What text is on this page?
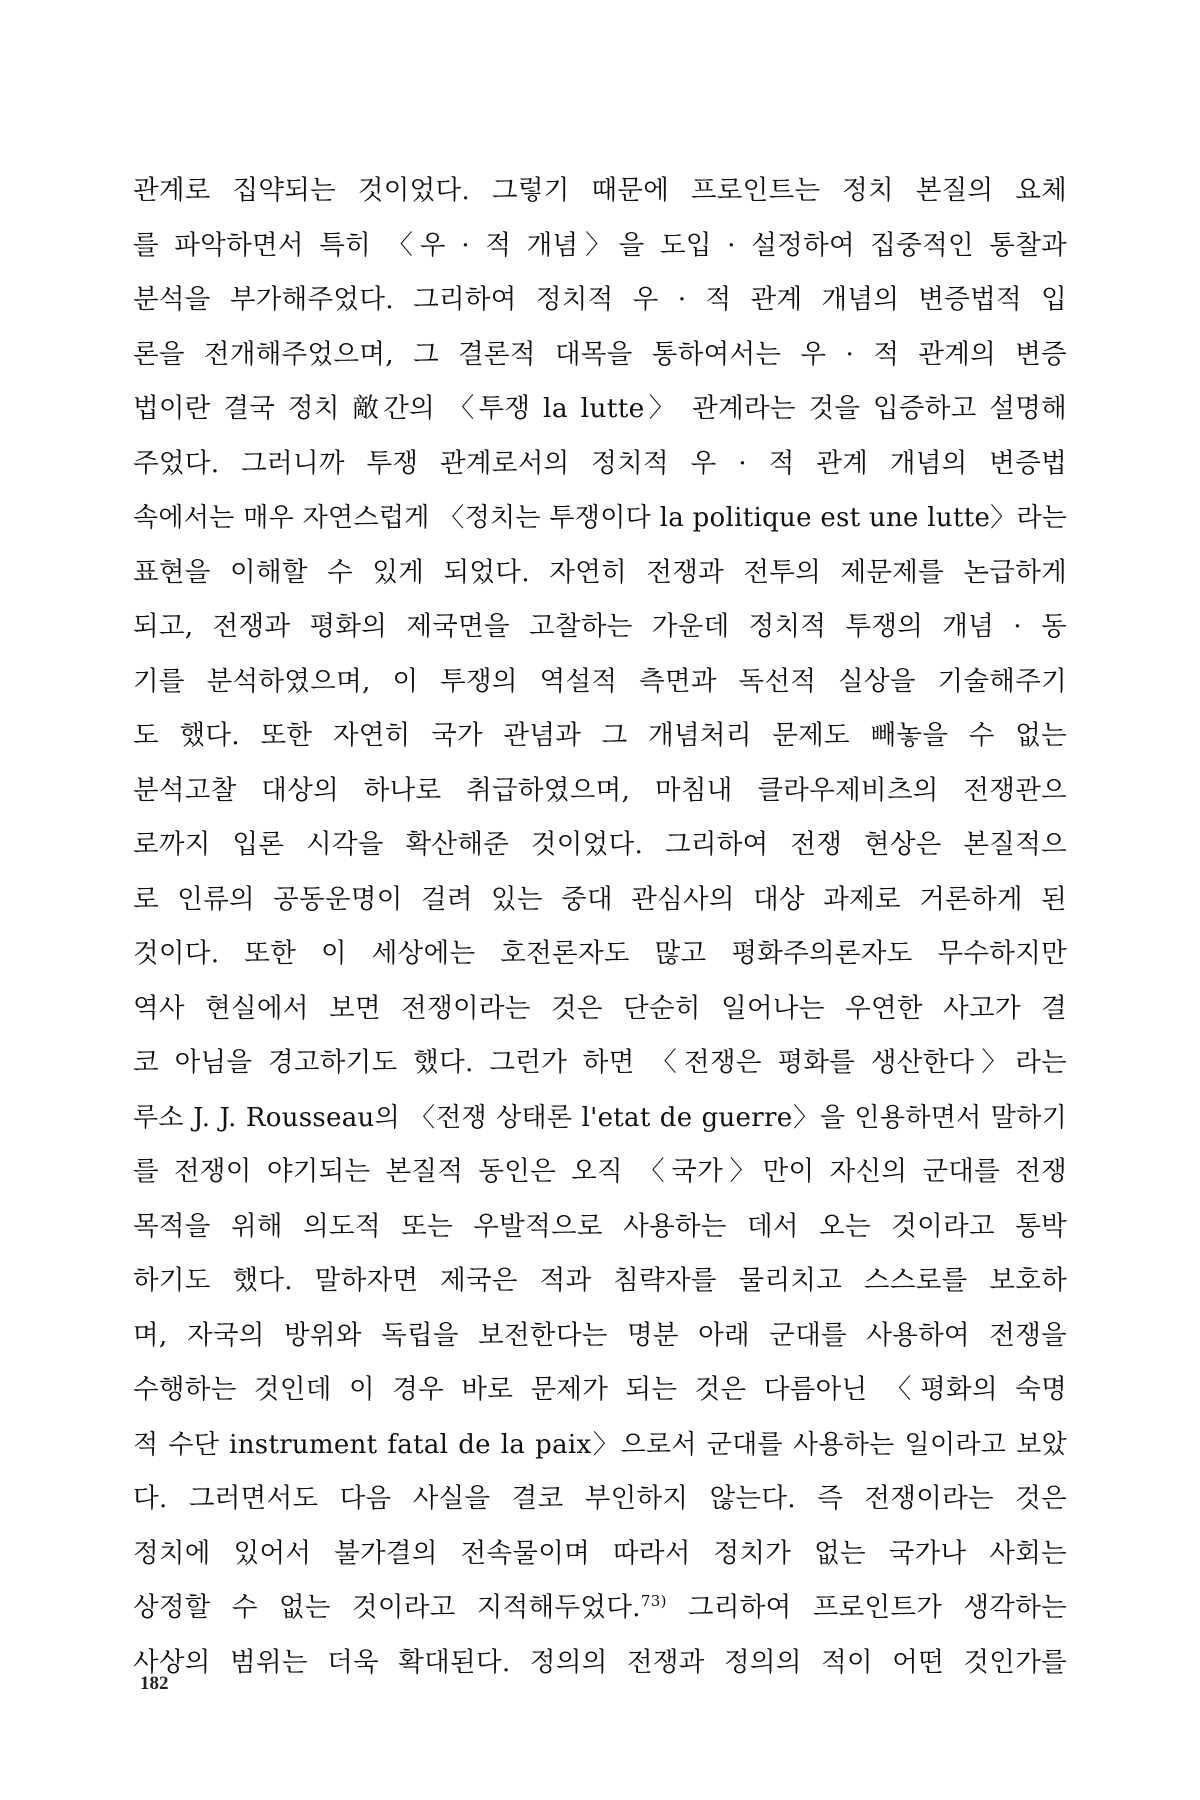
관계로 집약되는 것이었다. 그렇기 때문에 프로인트는 정치 본질의 요체
를 파악하면서 특히 〈우 · 적 개념〉을 도입 · 설정하여 집중적인 통찰과
분석을 부가해주었다. 그리하여 정치적 우 · 적 관계 개념의 변증법적 입
론을 전개해주었으며, 그 결론적 대목을 통하여서는 우 · 적 관계의 변증
법이란 결국 정치 敵간의 〈투쟁 la lutte〉 관계라는 것을 입증하고 설명해
주었다. 그러니까 투쟁 관계로서의 정치적 우 · 적 관계 개념의 변증법
속에서는 매우 자연스럽게 〈정치는 투쟁이다 la politique est une lutte〉라는
표현을 이해할 수 있게 되었다. 자연히 전쟁과 전투의 제문제를 논급하게
되고, 전쟁과 평화의 제국면을 고찰하는 가운데 정치적 투쟁의 개념 · 동
기를 분석하였으며, 이 투쟁의 역설적 측면과 독선적 실상을 기술해주기
도 했다. 또한 자연히 국가 관념과 그 개념처리 문제도 빼놓을 수 없는
분석고찰 대상의 하나로 취급하였으며, 마침내 클라우제비츠의 전쟁관으
로까지 입론 시각을 확산해준 것이었다. 그리하여 전쟁 현상은 본질적으
로 인류의 공동운명이 걸려 있는 중대 관심사의 대상 과제로 거론하게 된
것이다. 또한 이 세상에는 호전론자도 많고 평화주의론자도 무수하지만
역사 현실에서 보면 전쟁이라는 것은 단순히 일어나는 우연한 사고가 결
코 아님을 경고하기도 했다. 그런가 하면 〈전쟁은 평화를 생산한다〉라는
루소 J. J. Rousseau의 〈전쟁 상태론 l'etat de guerre〉을 인용하면서 말하기
를 전쟁이 야기되는 본질적 동인은 오직 〈국가〉만이 자신의 군대를 전쟁
목적을 위해 의도적 또는 우발적으로 사용하는 데서 오는 것이라고 통박
하기도 했다. 말하자면 제국은 적과 침략자를 물리치고 스스로를 보호하
며, 자국의 방위와 독립을 보전한다는 명분 아래 군대를 사용하여 전쟁을
수행하는 것인데 이 경우 바로 문제가 되는 것은 다름아닌 〈평화의 숙명
적 수단 instrument fatal de la paix〉으로서 군대를 사용하는 일이라고 보았
다. 그러면서도 다음 사실을 결코 부인하지 않는다. 즉 전쟁이라는 것은
정치에 있어서 불가결의 전속물이며 따라서 정치가 없는 국가나 사회는
상정할 수 없는 것이라고 지적해두었다.$^{73)}$ 그리하여 프로인트가 생각하는
사상의 범위는 더욱 확대된다. 정의의 전쟁과 정의의 적이 어떤 것인가를
182
